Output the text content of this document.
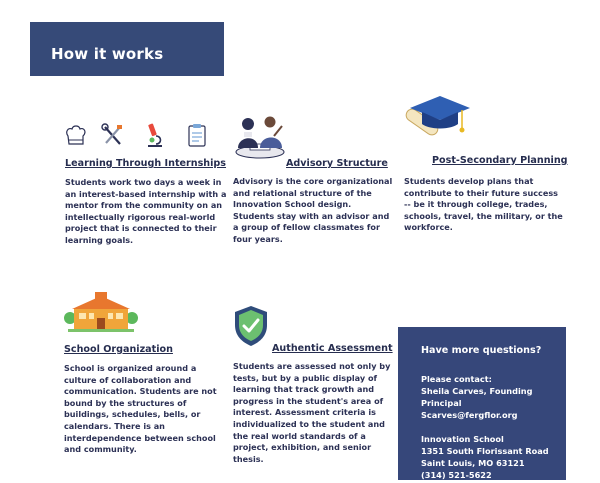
How it works
Learning Through Internships
Students work two days a week in an interest-based internship with a mentor from the community on an intellectually rigorous real-world project that is connected to their learning goals.
Advisory Structure
Advisory is the core organizational and relational structure of the Innovation School design. Students stay with an advisor and a group of fellow classmates for four years.
Post-Secondary Planning
Students develop plans that contribute to their future success -- be it through college, trades, schools, travel, the military, or the workforce.
School Organization
School is organized around a culture of collaboration and communication. Students are not bound by the structures of buildings, schedules, bells, or calendars. There is an interdependence between school and community.
Authentic Assessment
Students are assessed not only by tests, but by a public display of learning that track growth and progress in the student's area of interest. Assessment criteria is individualized to the student and the real world standards of a project, exhibition, and senior thesis.
Have more questions?
Please contact:
Sheila Carves, Founding
Principal
Scarves@fergflor.org
Innovation School
1351 South Florissant Road
Saint Louis, MO 63121
(314) 521-5622
